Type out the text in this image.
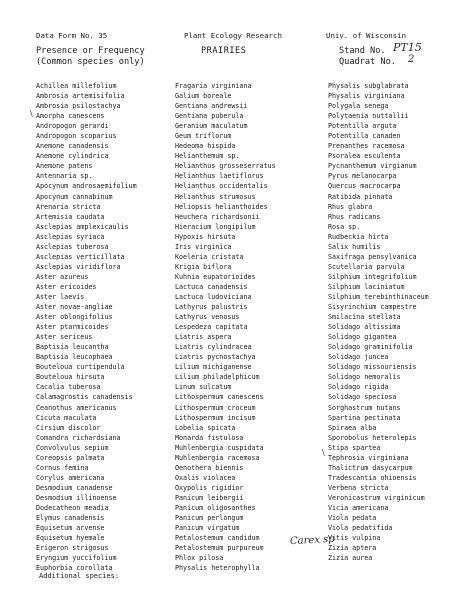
Data Form No. 35	Plant Ecology Research	Univ. of Wisconsin
Presence or Frequency
(Common species only)
PRAIRIES	Stand No. PT15
Quadrat No. 2
Achillea millefolium
Ambrosia artemisifolia
Ambrosia psilostachya
Amorpha canescens
Andropogon gerardi
Andropogon scoparius
Anemone canadensis
Anemone cylindrica
Anemone patens
Antennaria sp.
Apocynum androsaemifolium
Apocynum cannabinum
Arenaria stricta
Artemisia caudata
Asclepias amplexicaulis
Asclepias syriaca
Asclepias tuberosa
Asclepias verticillata
Asclepias viridiflora
Aster azureus
Aster ericoides
Aster laevis
Aster novae-angliae
Aster oblongifolius
Aster ptarmicoides
Aster sericeus
Baptisia leucantha
Baptisia leucophaea
Bouteloua curtipendula
Bouteloua hirsuta
Cacalia tuberosa
Calamagrostis canadensis
Ceanothus americanus
Cicuta maculata
Cirsium discolor
Comandra richardsiana
Convolvulus sepium
Coreopsis palmata
Cornus femina
Corylus americana
Desmodium canadense
Desmodium illinoense
Dodecatheon meadia
Elymus canadensis
Equisetum arvense
Equisetum hyemale
Erigeron strigosus
Eryngium yuccifolium
Euphorbia corollata
Fragaria virginiana
Galium boreale
Gentiana andrewsii
Gentiana puberula
Geranium maculatum
Geum triflorum
Hedeoma hispida
Helianthemum sp.
Helianthus grosseserratus
Helianthus laetiflorus
Helianthus occidentalis
Helianthus strumosus
Heliopsis helianthoides
Heuchera richardsonii
Hieracium longipilum
Hypoxis hirsuta
Iris virginica
Koeleria cristata
Krigia biflora
Kuhnia eupatorioides
Lactuca canadensis
Lactuca ludoviciana
Lathyrus palustris
Lathyrus venosus
Lespedeza capitata
Liatris aspera
Liatris cylindracea
Liatris pycnostachya
Lilium michiganense
Lilium philadelphicum
Linum sulcatum
Lithospermum canescens
Lithospermum croceum
Lithospermum incisum
Lobelia spicata
Monarda fistulosa
Muhlenbergia cuspidata
Muhlenbergia racemosa
Oenothera biennis
Oxalis violacea
Oxypolis rigidior
Panicum leibergii
Panicum oligosanthes
Panicum perlongum
Panicum virgatum
Petalostemum candidum
Petalostemum purpureum
Phlox pilosa
Physalis heterophylla
Physalis subglabrata
Physalis virginiana
Polygala senega
Polytaenia nuttallii
Potentilla arguta
Potentilla canaden
Prenanthes racemosa
Psoralea esculenta
Pycnanthemum virgianum
Pyrus melanocarpa
Quercus macrocarpa
Ratibida pinnata
Rhus glabra
Rhus radicans
Rosa sp.
Rudbeckia hirta
Salix humilis
Saxifraga pensylvanica
Scutellaria parvula
Silphium integrifolium
Silphium laciniatum
Silphium terebinthinaceum
Sisyrinchium campestre
Smilacina stellata
Solidago altissima
Solidago gigantea
Solidago graminifolia
Solidago juncea
Solidago missouriensis
Solidago nemoralis
Solidago rigida
Solidago speciosa
Sorghastrum nutans
Spartina pectinata
Spiraea alba
Sporobolus heterolepis
Stipa spartea
Tephrosia virginiana
Thalictrum dasycarpum
Tradescantia ohioensis
Verbena stricta
Veronicastrum virginicum
Vicia americana
Viola pedata
Viola pedatifida
Vitis vulpina
Zizia aptera
Zizia aurea
\
\
Additional species:
Carex sp
